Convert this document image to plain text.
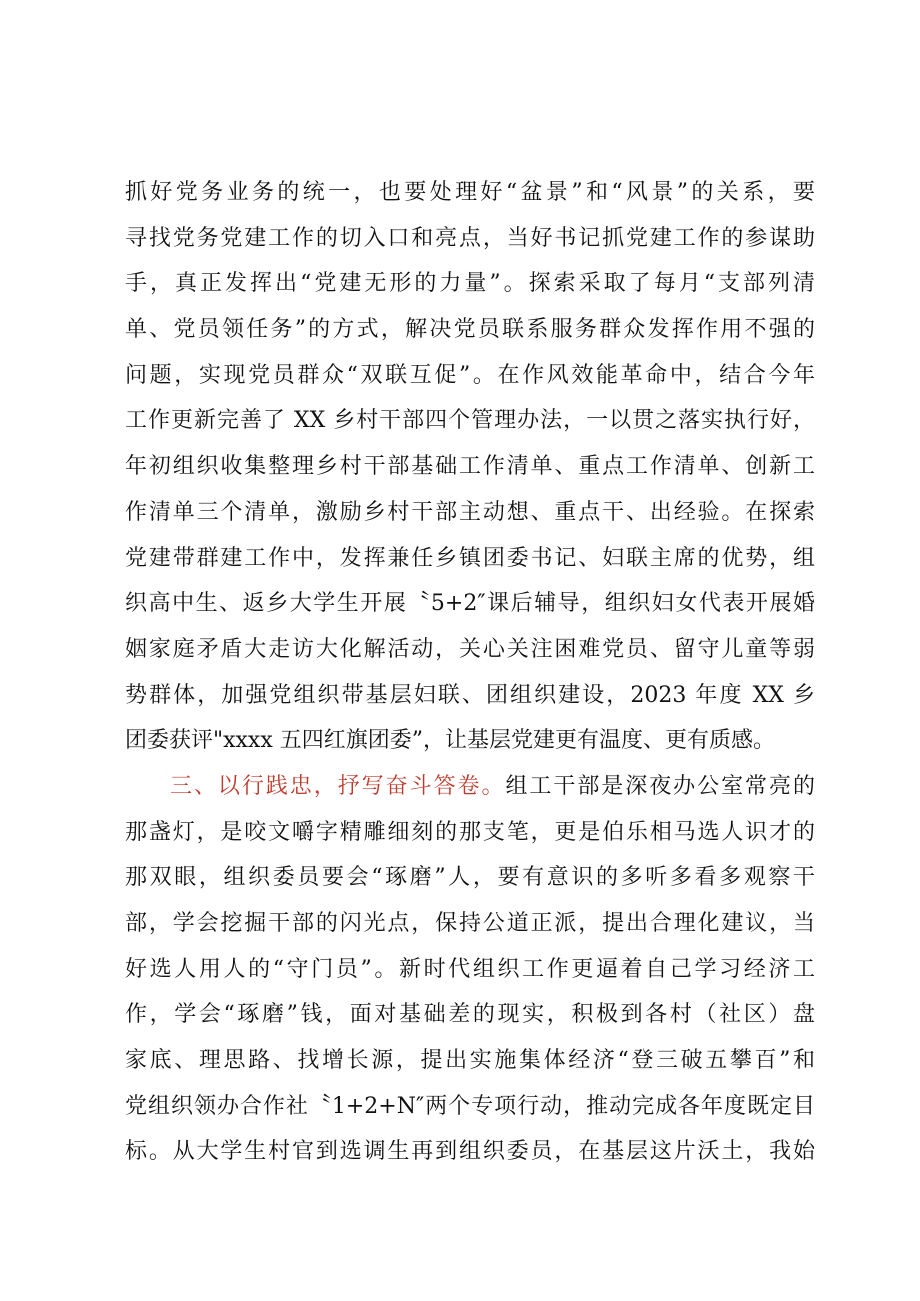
抓好党务业务的统一，也要处理好“盆景”和“风景”的关系，要
寻找党务党建工作的切入口和亮点，当好书记抓党建工作的参谋助
手，真正发挥出“党建无形的力量”。探索采取了每月“支部列清
单、党员领任务”的方式，解决党员联系服务群众发挥作用不强的
问题，实现党员群众“双联互促”。在作风效能革命中，结合今年
工作更新完善了 XX 乡村干部四个管理办法，一以贯之落实执行好，
年初组织收集整理乡村干部基础工作清单、重点工作清单、创新工
作清单三个清单，激励乡村干部主动想、重点干、出经验。在探索
党建带群建工作中，发挥兼任乡镇团委书记、妇联主席的优势，组
织高中生、返乡大学生开展〝5+2″课后辅导，组织妇女代表开展婚
姻家庭矛盾大走访大化解活动，关心关注困难党员、留守儿童等弱
势群体，加强党组织带基层妇联、团组织建设，2023 年度 XX 乡
团委获评"xxxx 五四红旗团委”，让基层党建更有温度、更有质感。
三、以行践忠，抒写奋斗答卷。组工干部是深夜办公室常亮的
那盏灯，是咬文嚼字精雕细刻的那支笔，更是伯乐相马选人识才的
那双眼，组织委员要会“琢磨”人，要有意识的多听多看多观察干
部，学会挖掘干部的闪光点，保持公道正派，提出合理化建议，当
好选人用人的“守门员”。新时代组织工作更逼着自己学习经济工
作，学会“琢磨”钱，面对基础差的现实，积极到各村（社区）盘
家底、理思路、找增长源，提出实施集体经济“登三破五攀百”和
党组织领办合作社〝1+2+N″两个专项行动，推动完成各年度既定目
标。从大学生村官到选调生再到组织委员，在基层这片沃土，我始
